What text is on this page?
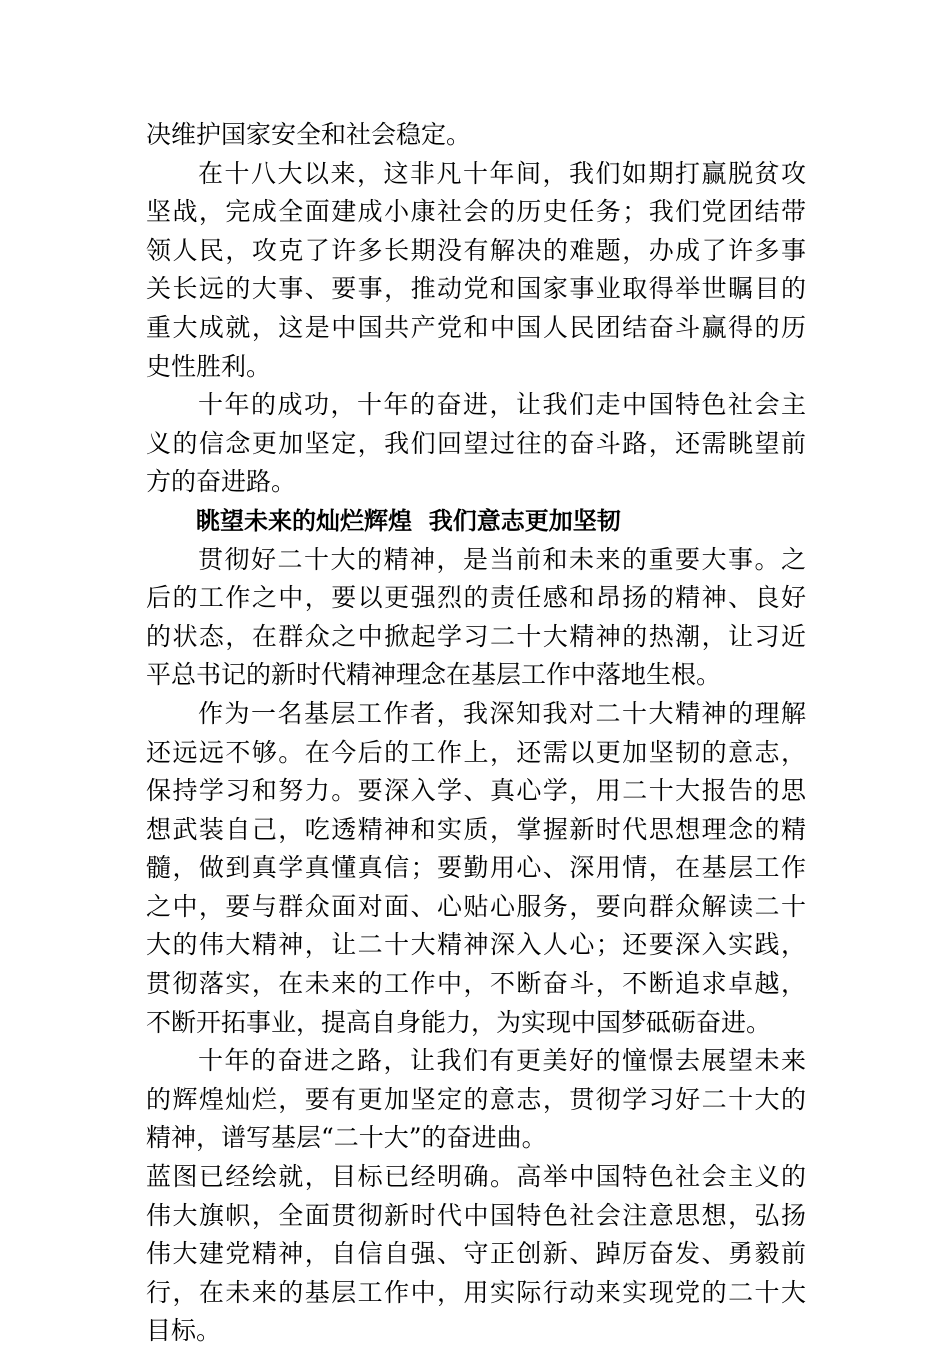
决维护国家安全和社会稳定。
在十八大以来，这非凡十年间，我们如期打赢脱贫攻
坚战，完成全面建成小康社会的历史任务；我们党团结带
领人民，攻克了许多长期没有解决的难题，办成了许多事
关长远的大事、要事，推动党和国家事业取得举世瞩目的
重大成就，这是中国共产党和中国人民团结奋斗赢得的历
史性胜利。
十年的成功，十年的奋进，让我们走中国特色社会主
义的信念更加坚定，我们回望过往的奋斗路，还需眺望前
方的奋进路。
眺望未来的灿烂辉煌  我们意志更加坚韧
贯彻好二十大的精神，是当前和未来的重要大事。之
后的工作之中，要以更强烈的责任感和昂扬的精神、良好
的状态，在群众之中掀起学习二十大精神的热潮，让习近
平总书记的新时代精神理念在基层工作中落地生根。
作为一名基层工作者，我深知我对二十大精神的理解
还远远不够。在今后的工作上，还需以更加坚韧的意志，
保持学习和努力。要深入学、真心学，用二十大报告的思
想武装自己，吃透精神和实质，掌握新时代思想理念的精
髓，做到真学真懂真信；要勤用心、深用情，在基层工作
之中，要与群众面对面、心贴心服务，要向群众解读二十
大的伟大精神，让二十大精神深入人心；还要深入实践，
贯彻落实，在未来的工作中，不断奋斗，不断追求卓越，
不断开拓事业，提高自身能力，为实现中国梦砥砺奋进。
十年的奋进之路，让我们有更美好的憧憬去展望未来
的辉煌灿烂，要有更加坚定的意志，贯彻学习好二十大的
精神，谱写基层“二十大”的奋进曲。
蓝图已经绘就，目标已经明确。高举中国特色社会主义的
伟大旗帜，全面贯彻新时代中国特色社会注意思想，弘扬
伟大建党精神，自信自强、守正创新、踔厉奋发、勇毅前
行，在未来的基层工作中，用实际行动来实现党的二十大
目标。
